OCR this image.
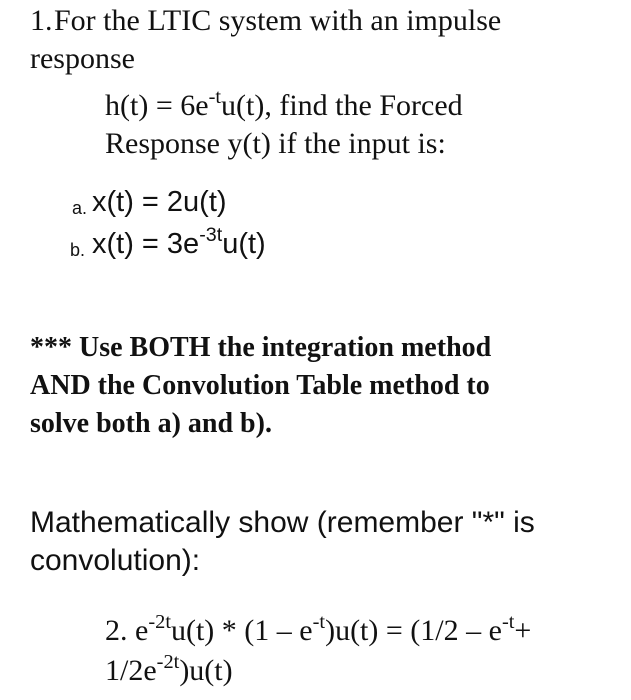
1. For the LTIC system with an impulse
response
$h(t) = 6e^{-t}u(t)$, find the Forced
Response y(t) if the input is:
a. x(t) = 2u(t)
b. $x(t) = 3e^{-3t}u(t)$
*** Use BOTH the integration method
AND the Convolution Table method to
solve both a) and b).
Mathematically show (remember "*" is
convolution):
2. $e^{-2t}u(t) * (1 - e^{-t})u(t) = (1/2 - e^{-t}+$
$1/2e^{-2t})u(t)$
